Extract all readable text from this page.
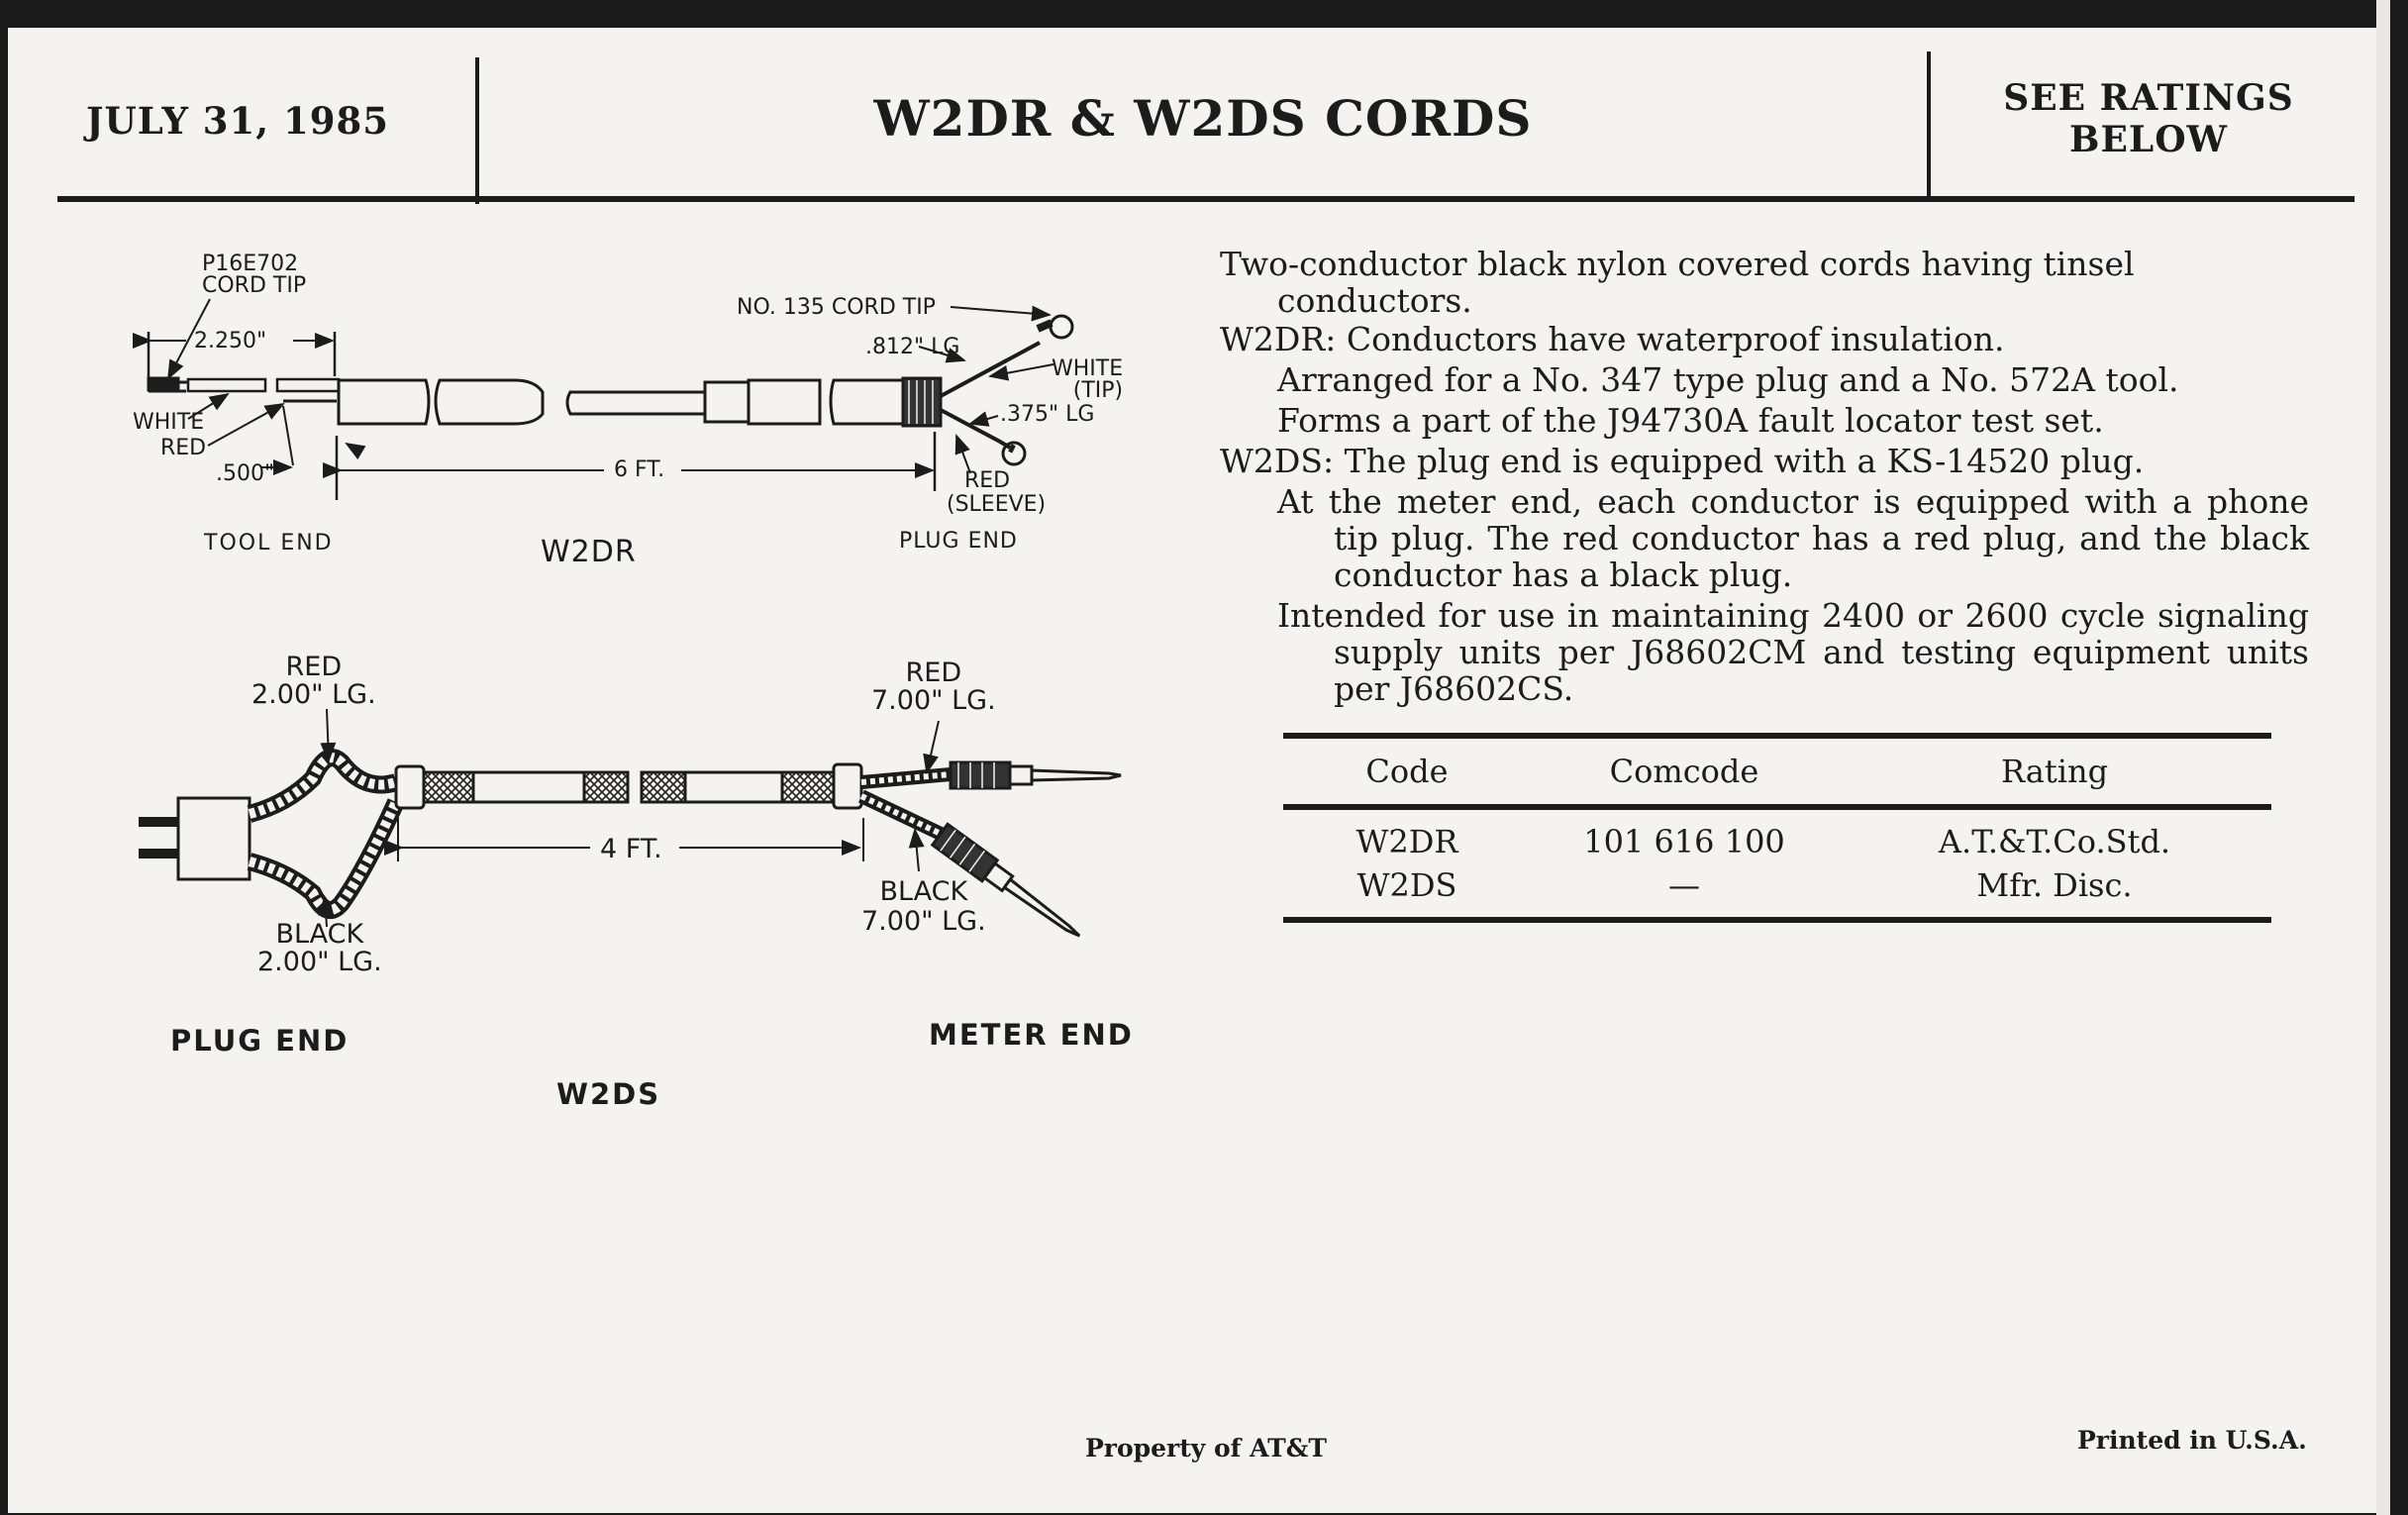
JULY 31, 1985	W2DR & W2DS CORDS	SEE RATINGS
BELOW
P16E702
CORD TIP
2.250"
WHITE
RED
.500"
NO. 135 CORD TIP
.812" LG
WHITE
(TIP)
.375" LG
RED
(SLEEVE)
6 FT.
TOOL END	PLUG END
W2DR
RED
2.00" LG.
BLACK
2.00" LG.
RED
7.00" LG.
BLACK
7.00" LG.
4 FT.
PLUG END	METER END
W2DS

Two-conductor black nylon covered cords having tinsel conductors.

W2DR: Conductors have waterproof insulation.

Arranged for a No. 347 type plug and a No. 572A tool.

Forms a part of the J94730A fault locator test set.

W2DS: The plug end is equipped with a KS-14520 plug.

At the meter end, each conductor is equipped with a phone tip plug. The red conductor has a red plug, and the black conductor has a black plug.

Intended for use in maintaining 2400 or 2600 cycle signaling supply units per J68602CM and testing equipment units per J68602CS.

Code	Comcode	Rating
W2DR	101 616 100	A.T.&T.Co.Std.
W2DS	—	Mfr. Disc.
Property of AT&T	Printed in U.S.A.
